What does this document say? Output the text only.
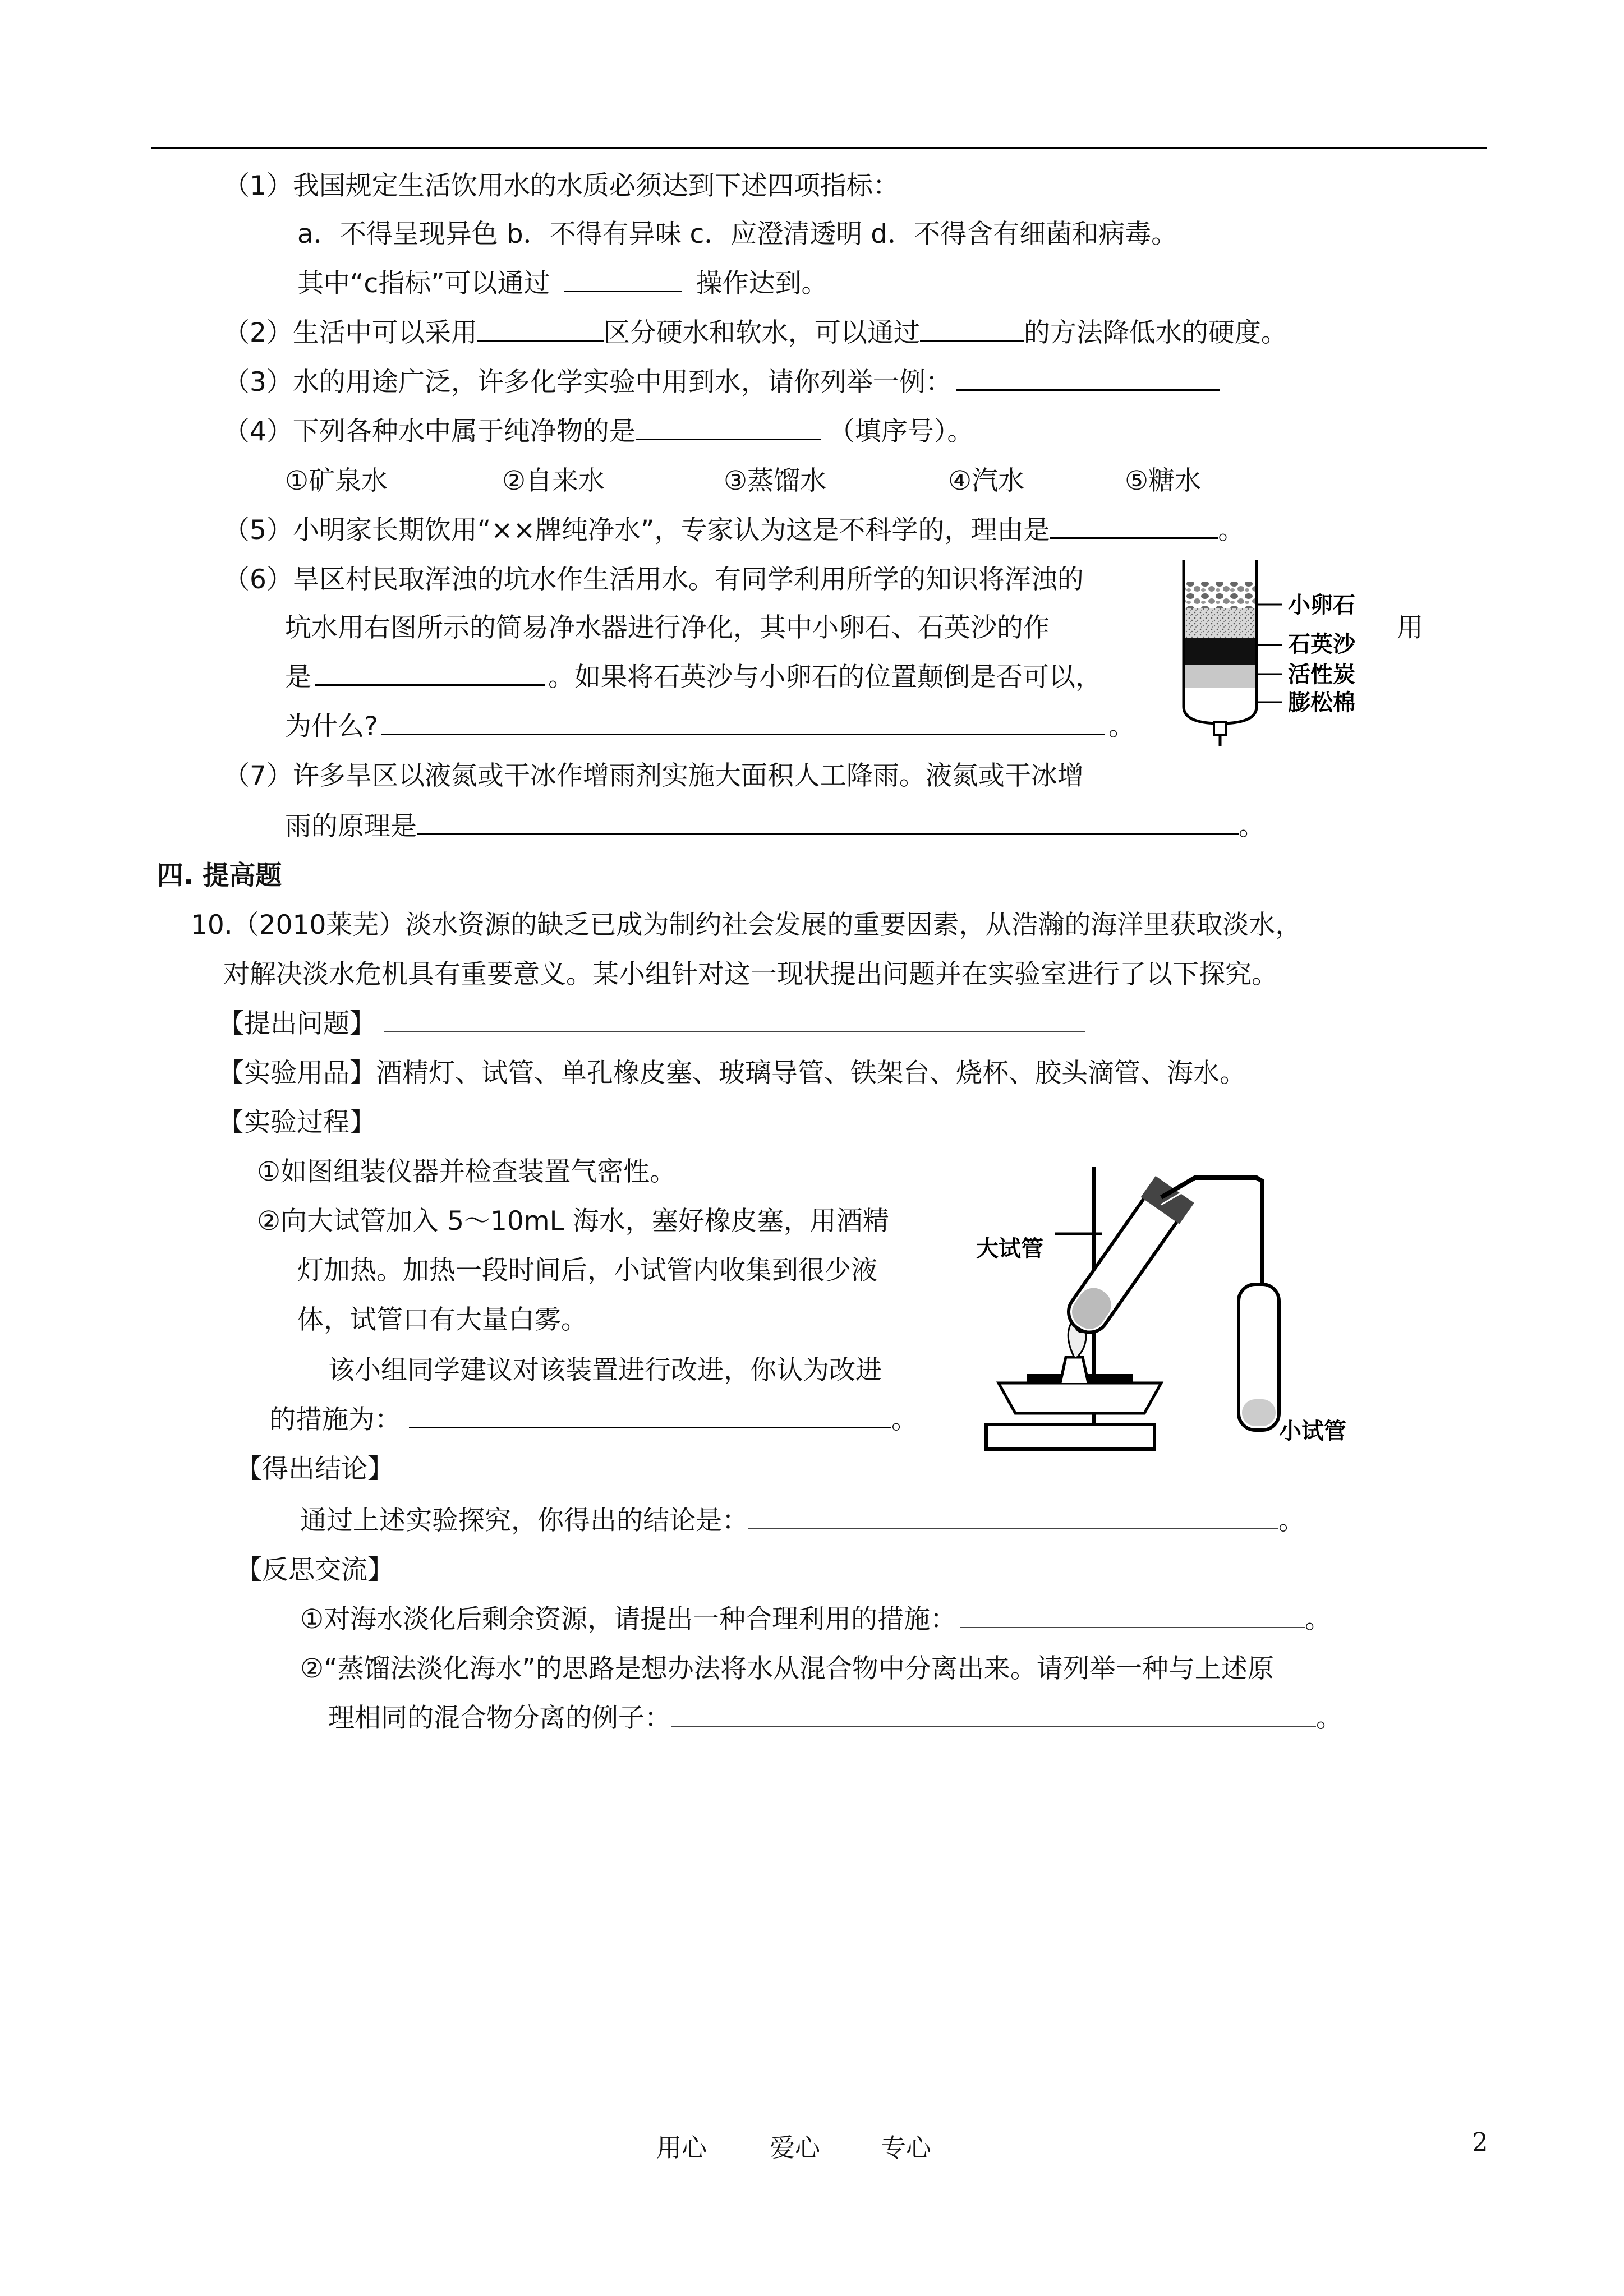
（1）我国规定生活饮用水的水质必须达到下述四项指标：
a．不得呈现异色 b．不得有异味 c．应澄清透明 d．不得含有细菌和病毒。
其中“c指标”可以通过	操作达到。
（2）生活中可以采用	区分硬水和软水，可以通过	的方法降低水的硬度。
（3）水的用途广泛，许多化学实验中用到水，请你列举一例：
（4）下列各种水中属于纯净物的是	（填序号）。
①矿泉水	②自来水	③蒸馏水	④汽水	⑤糖水
（5）小明家长期饮用“××牌纯净水”，专家认为这是不科学的，理由是	。
（6）旱区村民取浑浊的坑水作生活用水。有同学利用所学的知识将浑浊的
坑水用右图所示的简易净水器进行净化，其中小卵石、石英沙的作	用
是	。如果将石英沙与小卵石的位置颠倒是否可以，
为什么?	。
小卵石
石英沙
活性炭
膨松棉
（7）许多旱区以液氮或干冰作增雨剂实施大面积人工降雨。液氮或干冰增
雨的原理是	。
四. 提高题
10.（2010莱芜）淡水资源的缺乏已成为制约社会发展的重要因素，从浩瀚的海洋里获取淡水，
对解决淡水危机具有重要意义。某小组针对这一现状提出问题并在实验室进行了以下探究。
【提出问题】
【实验用品】酒精灯、试管、单孔橡皮塞、玻璃导管、铁架台、烧杯、胶头滴管、海水。
【实验过程】
①如图组装仪器并检查装置气密性。
②向大试管加入 5～10mL 海水，塞好橡皮塞，用酒精
灯加热。加热一段时间后，小试管内收集到很少液
体，试管口有大量白雾。
该小组同学建议对该装置进行改进，你认为改进
的措施为：	。
大试管
小试管
【得出结论】
通过上述实验探究，你得出的结论是：	。
【反思交流】
①对海水淡化后剩余资源，请提出一种合理利用的措施：	。
②“蒸馏法淡化海水”的思路是想办法将水从混合物中分离出来。请列举一种与上述原
理相同的混合物分离的例子：	。
用心 爱心 专心	2
